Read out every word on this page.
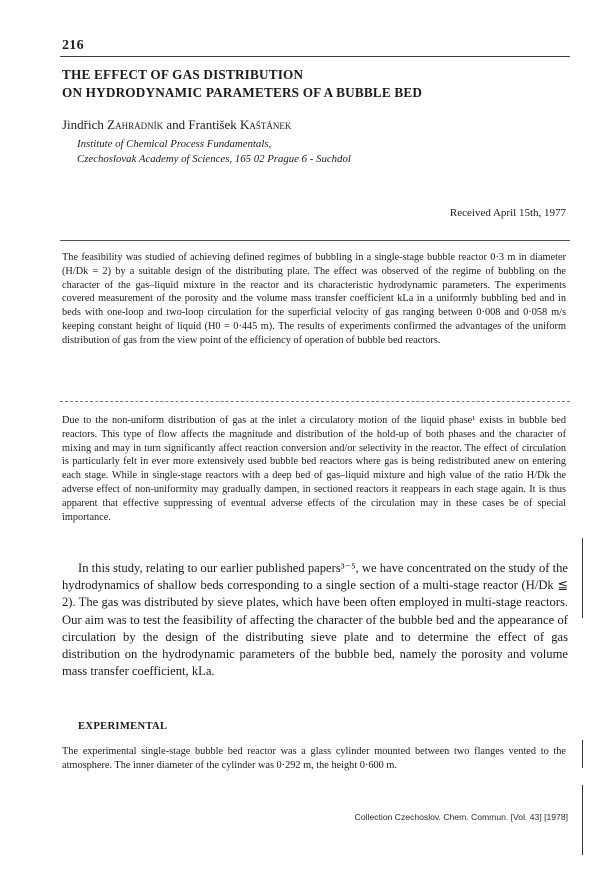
216
THE EFFECT OF GAS DISTRIBUTION
ON HYDRODYNAMIC PARAMETERS OF A BUBBLE BED
Jindřich Zahradník and František Kaštánek
Institute of Chemical Process Fundamentals,
Czechoslovak Academy of Sciences, 165 02 Prague 6 - Suchdol
Received April 15th, 1977

The feasibility was studied of achieving defined regimes of bubbling in a single-stage bubble reactor 0·3 m in diameter (H/Dk = 2) by a suitable design of the distributing plate. The effect was observed of the regime of bubbling on the character of the gas–liquid mixture in the reactor and its characteristic hydrodynamic parameters. The experiments covered measurement of the porosity and the volume mass transfer coefficient kLa in a uniformly bubbling bed and in beds with one-loop and two-loop circulation for the superficial velocity of gas ranging between 0·008 and 0·058 m/s keeping constant height of liquid (H0 = 0·445 m). The results of experiments confirmed the advantages of the uniform distribution of gas from the view point of the efficiency of operation of bubble bed reactors.

Due to the non-uniform distribution of gas at the inlet a circulatory motion of the liquid phase¹ exists in bubble bed reactors. This type of flow affects the magnitude and distribution of the hold-up of both phases and the character of mixing and may in turn significantly affect reaction conversion and/or selectivity in the reactor. The effect of circulation is particularly felt in ever more extensively used bubble bed reactors where gas is being redistributed anew on entering each stage. While in single-stage reactors with a deep bed of gas–liquid mixture and high value of the ratio H/Dk the adverse effect of non-uniformity may gradually dampen, in sectioned reactors it reappears in each stage again. It is thus apparent that effective suppressing of eventual adverse effects of the circulation may in these cases be of special importance.

In this study, relating to our earlier published papers³⁻⁵, we have concentrated on the study of the hydrodynamics of shallow beds corresponding to a single section of a multi-stage reactor (H/Dk ≦ 2). The gas was distributed by sieve plates, which have been often employed in multi-stage reactors. Our aim was to test the feasibility of affecting the character of the bubble bed and the appearance of circulation by the design of the distributing sieve plate and to determine the effect of gas distribution on the hydrodynamic parameters of the bubble bed, namely the porosity and volume mass transfer coefficient, kLa.

EXPERIMENTAL

The experimental single-stage bubble bed reactor was a glass cylinder mounted between two flanges vented to the atmosphere. The inner diameter of the cylinder was 0·292 m, the height 0·600 m.

Collection Czechoslov. Chem. Commun. [Vol. 43] [1978]
